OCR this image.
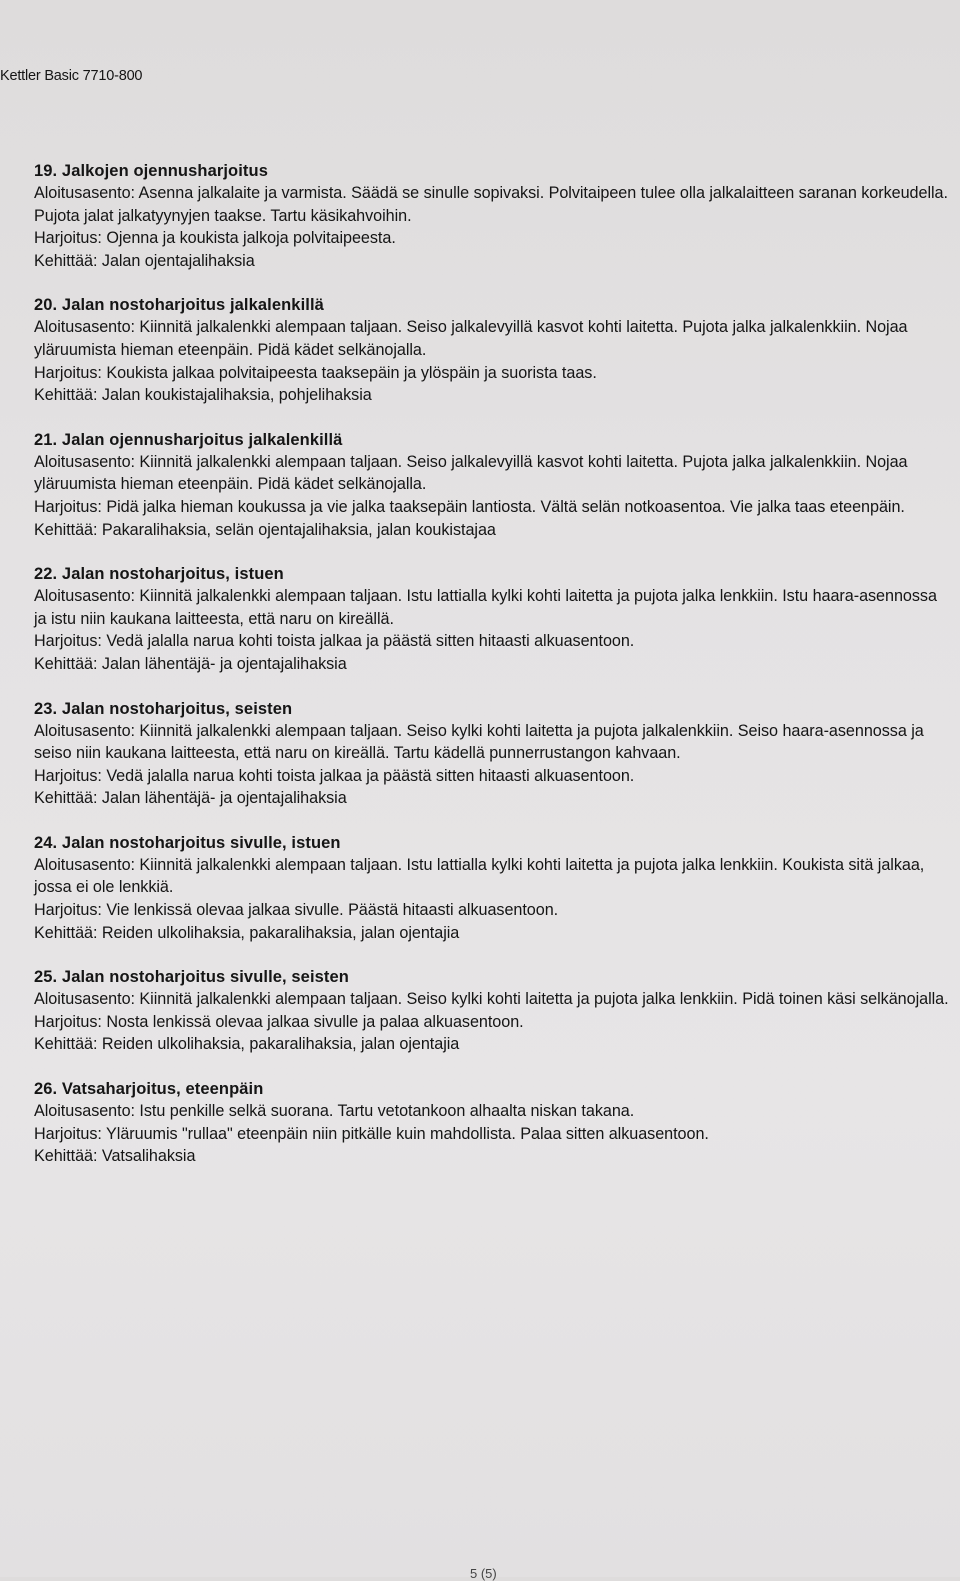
Kettler Basic 7710-800
19. Jalkojen ojennusharjoitus
Aloitusasento: Asenna jalkalaite ja varmista. Säädä se sinulle sopivaksi. Polvitaipeen tulee olla jalkalaitteen saranan korkeudella. Pujota jalat jalkatyynyjen taakse. Tartu käsikahvoihin.
Harjoitus: Ojenna ja koukista jalkoja polvitaipeesta.
Kehittää: Jalan ojentajalihaksia
20. Jalan nostoharjoitus jalkalenkillä
Aloitusasento: Kiinnitä jalkalenkki alempaan taljaan. Seiso jalkalevyillä kasvot kohti laitetta. Pujota jalka jalkalenkkiin. Nojaa yläruumista hieman eteenpäin. Pidä kädet selkänojalla.
Harjoitus: Koukista jalkaa polvitaipeesta taaksepäin ja ylöspäin ja suorista taas.
Kehittää: Jalan koukistajalihaksia, pohjelihaksia
21. Jalan ojennusharjoitus jalkalenkillä
Aloitusasento: Kiinnitä jalkalenkki alempaan taljaan. Seiso jalkalevyillä kasvot kohti laitetta. Pujota jalka jalkalenkkiin. Nojaa yläruumista hieman eteenpäin. Pidä kädet selkänojalla.
Harjoitus: Pidä jalka hieman koukussa ja vie jalka taaksepäin lantiosta. Vältä selän notkoasentoa. Vie jalka taas eteenpäin.
Kehittää: Pakaralihaksia, selän ojentajalihaksia, jalan koukistajaa
22. Jalan nostoharjoitus, istuen
Aloitusasento: Kiinnitä jalkalenkki alempaan taljaan. Istu lattialla kylki kohti laitetta ja pujota jalka lenkkiin. Istu haara-asennossa ja istu niin kaukana laitteesta, että naru on kireällä.
Harjoitus: Vedä jalalla narua kohti toista jalkaa ja päästä sitten hitaasti alkuasentoon.
Kehittää: Jalan lähentäjä- ja ojentajalihaksia
23. Jalan nostoharjoitus, seisten
Aloitusasento: Kiinnitä jalkalenkki alempaan taljaan. Seiso kylki kohti laitetta ja pujota jalkalenkkiin. Seiso haara-asennossa ja seiso niin kaukana laitteesta, että naru on kireällä. Tartu kädellä punnerrustangon kahvaan.
Harjoitus: Vedä jalalla narua kohti toista jalkaa ja päästä sitten hitaasti alkuasentoon.
Kehittää: Jalan lähentäjä- ja ojentajalihaksia
24. Jalan nostoharjoitus sivulle, istuen
Aloitusasento: Kiinnitä jalkalenkki alempaan taljaan. Istu lattialla kylki kohti laitetta ja pujota jalka lenkkiin. Koukista sitä jalkaa, jossa ei ole lenkkiä.
Harjoitus: Vie lenkissä olevaa jalkaa sivulle. Päästä hitaasti alkuasentoon.
Kehittää: Reiden ulkolihaksia, pakaralihaksia, jalan ojentajia
25. Jalan nostoharjoitus sivulle, seisten
Aloitusasento: Kiinnitä jalkalenkki alempaan taljaan. Seiso kylki kohti laitetta ja pujota jalka lenkkiin. Pidä toinen käsi selkänojalla.
Harjoitus: Nosta lenkissä olevaa jalkaa sivulle ja palaa alkuasentoon.
Kehittää: Reiden ulkolihaksia, pakaralihaksia, jalan ojentajia
26. Vatsaharjoitus, eteenpäin
Aloitusasento: Istu penkille selkä suorana. Tartu vetotankoon alhaalta niskan takana.
Harjoitus: Yläruumis "rullaa" eteenpäin niin pitkälle kuin mahdollista. Palaa sitten alkuasentoon.
Kehittää: Vatsalihaksia
5 (5)
